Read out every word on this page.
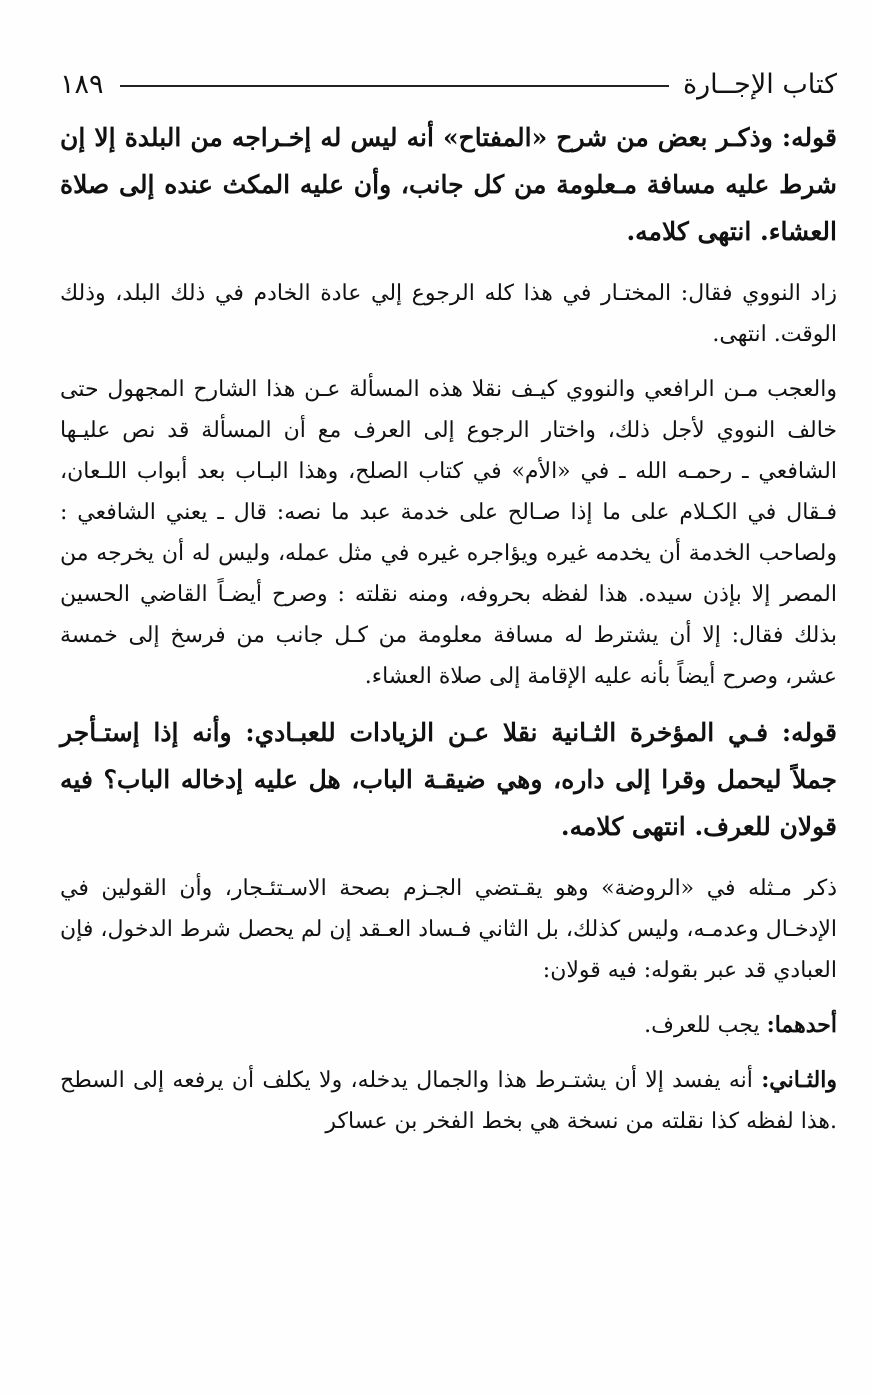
كتاب الإجــارة
١٨٩

قوله: وذكـر بعض من شرح «المفتاح» أنه ليس له إخـراجه من البلدة إلا إن شرط عليه مسافة مـعلومة من كل جانب، وأن عليه المكث عنده إلى صلاة العشاء. انتهى كلامه.

زاد النووي فقال: المختـار في هذا كله الرجوع إلي عادة الخادم في ذلك البلد، وذلك الوقت. انتهى.

والعجب مـن الرافعي والنووي كيـف نقلا هذه المسألة عـن هذا الشارح المجهول حتى خالف النووي لأجل ذلك، واختار الرجوع إلى العرف مع أن المسألة قد نص عليـها الشافعي ـ رحمـه الله ـ في «الأم» في كتاب الصلح، وهذا البـاب بعد أبواب اللـعان، فـقال في الكـلام على ما إذا صـالح على خدمة عبد ما نصه: قال ـ يعني الشافعي : ولصاحب الخدمة أن يخدمه غيره ويؤاجره غيره في مثل عمله، وليس له أن يخرجه من المصر إلا بإذن سيده. هذا لفظه بحروفه، ومنه نقلته : وصرح أيضـاً القاضي الحسين بذلك فقال: إلا أن يشترط له مسافة معلومة من كـل جانب من فرسخ إلى خمسة عشر، وصرح أيضاً بأنه عليه الإقامة إلى صلاة العشاء.

قوله: فـي المؤخرة الثـانية نقلا عـن الزيادات للعبـادي: وأنه إذا إستـأجر جملاً ليحمل وقرا إلى داره، وهي ضيقـة الباب، هل عليه إدخاله الباب؟ فيه قولان للعرف. انتهى كلامه.

ذكر مـثله في «الروضة» وهو يقـتضي الجـزم بصحة الاسـتئـجار، وأن القولين في الإدخـال وعدمـه، وليس كذلك، بل الثاني فـساد العـقد إن لم يحصل شرط الدخول، فإن العبادي قد عبر بقوله: فيه قولان:

أحدهما: يجب للعرف.

والثـاني: أنه يفسد إلا أن يشتـرط هذا والجمال يدخله، ولا يكلف أن يرفعه إلى السطح .هذا لفظه كذا نقلته من نسخة هي بخط الفخر بن عساكر
